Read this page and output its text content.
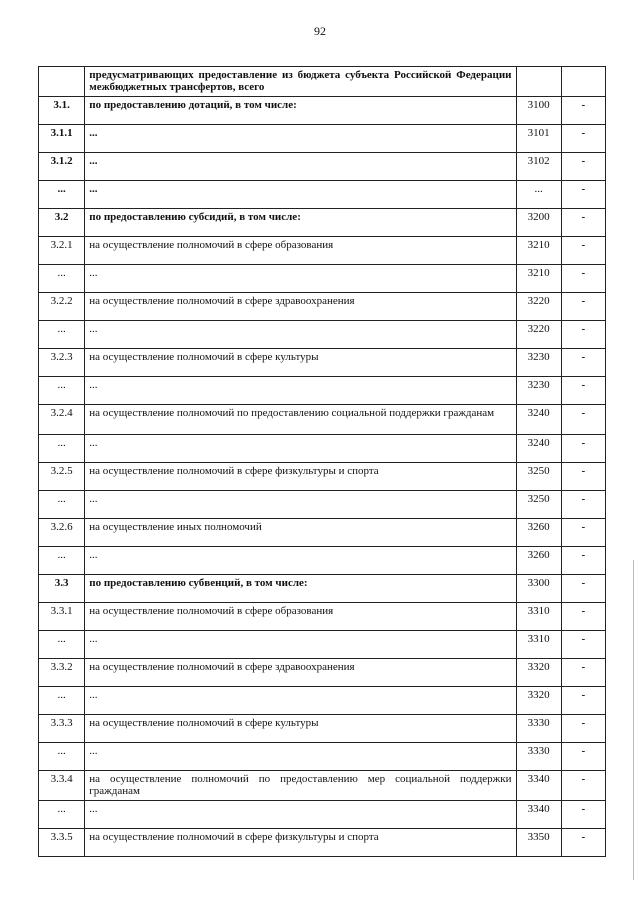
92
	предусматривающих предоставление из бюджета субъекта Российской Федерации межбюджетных трансфертов, всего		
3.1.	по предоставлению дотаций, в том числе:	3100	-
3.1.1	...	3101	-
3.1.2	...	3102	-
...	...	...	-
3.2	по предоставлению субсидий, в том числе:	3200	-
3.2.1	на осуществление полномочий в сфере образования	3210	-
...	...	3210	-
3.2.2	на осуществление полномочий в сфере здравоохранения	3220	-
...	...	3220	-
3.2.3	на осуществление полномочий в сфере культуры	3230	-
...	...	3230	-
3.2.4	на осуществление полномочий по предоставлению социальной поддержки гражданам	3240	-
...	...	3240	-
3.2.5	на осуществление полномочий в сфере физкультуры и спорта	3250	-
...	...	3250	-
3.2.6	на осуществление иных полномочий	3260	-
...	...	3260	-
3.3	по предоставлению субвенций, в том числе:	3300	-
3.3.1	на осуществление полномочий в сфере образования	3310	-
...	...	3310	-
3.3.2	на осуществление полномочий в сфере здравоохранения	3320	-
...	...	3320	-
3.3.3	на осуществление полномочий в сфере культуры	3330	-
...	...	3330	-
3.3.4	на осуществление полномочий по предоставлению мер социальной поддержки гражданам	3340	-
...	...	3340	-
3.3.5	на осуществление полномочий в сфере физкультуры и спорта	3350	-
